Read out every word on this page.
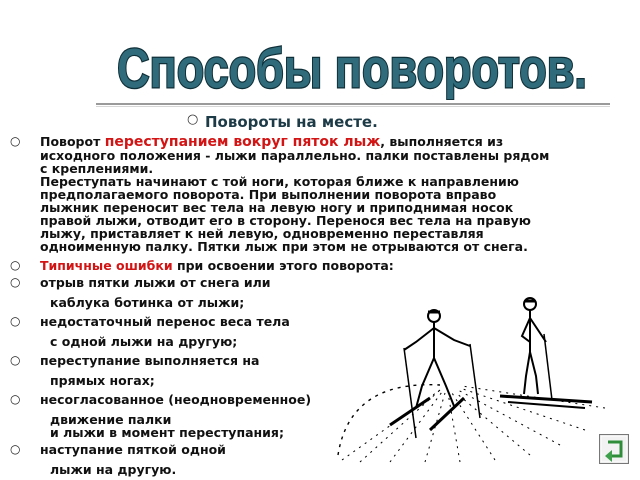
Способы поворотов.
○ Повороты на месте.
○ Поворот переступанием вокруг пяток лыж, выполняется из
исходного положения - лыжи параллельно. палки поставлены рядом
с креплениями.
Переступать начинают с той ноги, которая ближе к направлению
предполагаемого поворота. При выполнении поворота вправо
лыжник переносит вес тела на левую ногу и приподнимая носок
правой лыжи, отводит его в сторону. Перенося вес тела на правую
лыжу, приставляет к ней левую, одновременно переставляя
одноименную палку. Пятки лыж при этом не отрываются от снега.
○ Типичные ошибки при освоении этого поворота:
○ отрыв пятки лыжи от снега или
каблука ботинка от лыжи;
○ недостаточный перенос веса тела
с одной лыжи на другую;
○ переступание выполняется на
прямых ногах;
○ несогласованное (неодновременное)
движение палки
и лыжи в момент переступания;
○ наступание пяткой одной
лыжи на другую.
